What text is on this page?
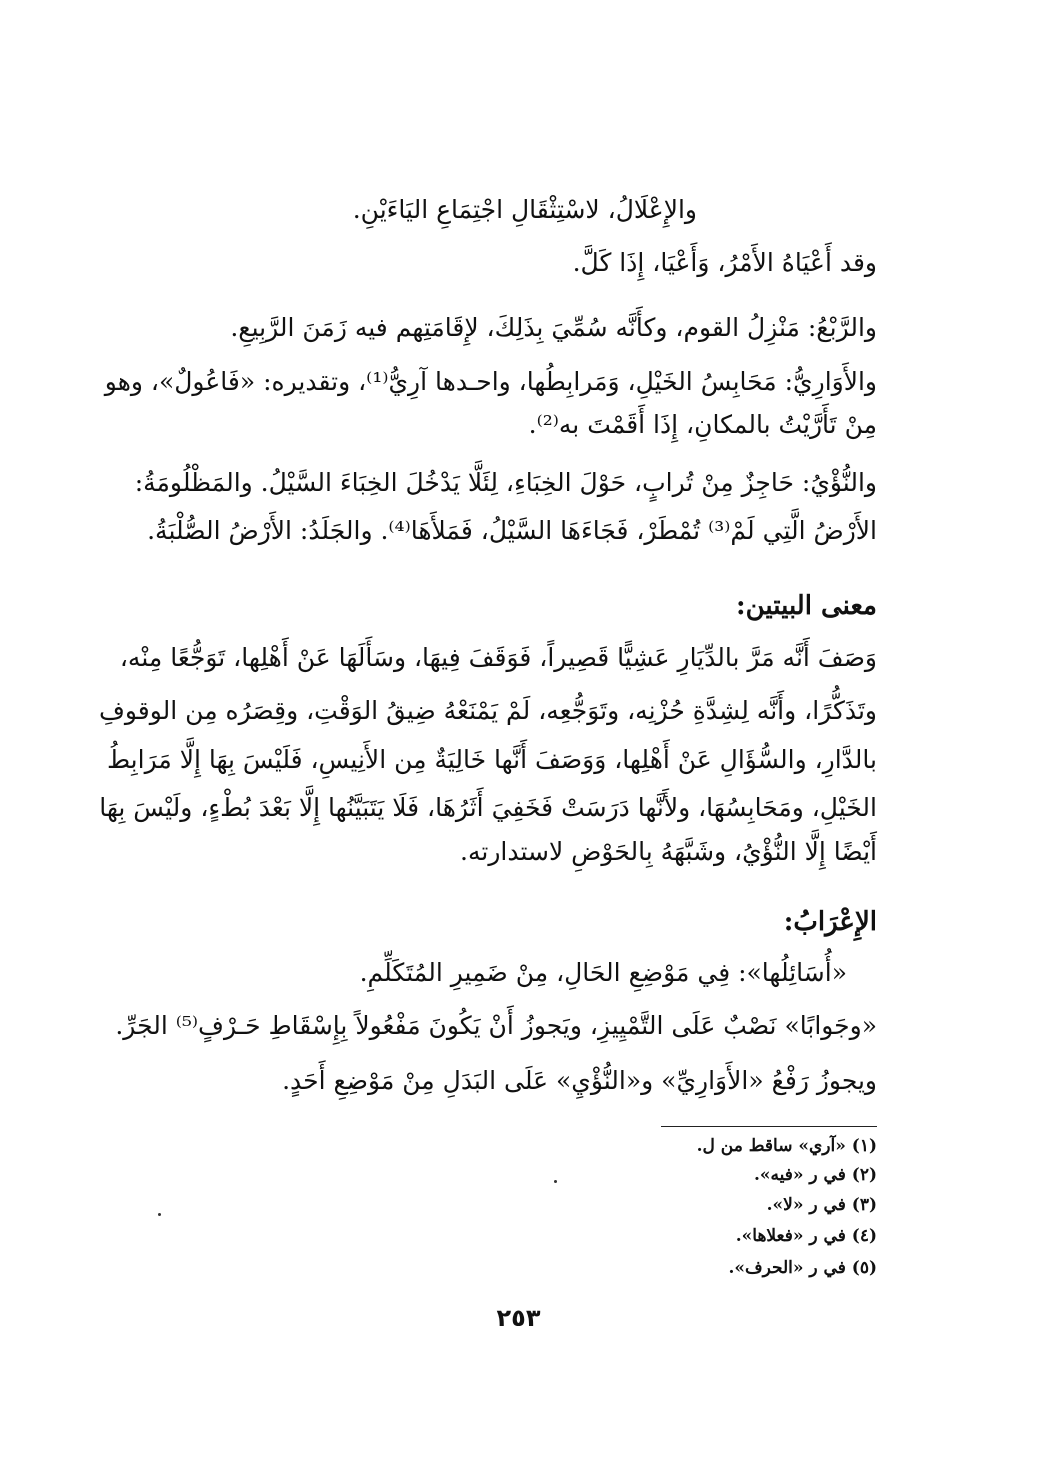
والإِعْلَالُ، لاسْتِثْقَالِ اجْتِمَاعِ اليَاءَيْنِ.
وقد أَعْيَاهُ الأَمْرُ، وَأَعْيَا، إِذَا كَلَّ.
والرَّبْعُ: مَنْزِلُ القوم، وكأَنَّه سُمِّيَ بِذَلِكَ، لإِقَامَتِهم فيه زَمَنَ الرَّبِيعِ.
والأَوَارِيُّ: مَحَابِسُ الخَيْلِ، وَمَرابِطُها، واحـدها آرِيُّ⁽¹⁾، وتقديره: «فَاعُولٌ»، وهو
مِنْ تَأَرَّيْتُ بالمكانِ، إِذَا أَقَمْتَ به⁽²⁾.
والنُّؤْيُ: حَاجِزٌ مِنْ تُرابٍ، حَوْلَ الخِبَاءِ، لِئَلَّا يَدْخُلَ الخِبَاءَ السَّيْلُ. والمَظْلُومَةُ:
الأَرْضُ الَّتِي لَمْ⁽³⁾ تُمْطَرْ، فَجَاءَهَا السَّيْلُ، فَمَلأَهَا⁽⁴⁾. والجَلَدُ: الأَرْضُ الصُّلْبَةُ.
معنى البيتين:
وَصَفَ أَنَّه مَرَّ بالدِّيَارِ عَشِيًّا قَصِيراً، فَوَقَفَ فِيهَا، وسَأَلَهَا عَنْ أَهْلِها، تَوَجُّعًا مِنْه،
وتَذَكُّرًا، وأَنَّه لِشِدَّةِ حُزْنِه، وتَوَجُّعِه، لَمْ يَمْنَعْهُ ضِيقُ الوَقْتِ، وقِصَرُه مِن الوقوفِ
بالدَّارِ، والسُّؤَالِ عَنْ أَهْلِها، وَوَصَفَ أَنَّها خَالِيَةٌ مِن الأَنِيسِ، فَلَيْسَ بِهَا إِلَّا مَرَابِطُ
الخَيْلِ، ومَحَابِسُهَا، ولأَنَّها دَرَسَتْ فَخَفِيَ أَثَرُهَا، فَلَا يَتَبَيَّنُها إِلَّا بَعْدَ بُطْءٍ، ولَيْسَ بِهَا
أَيْضًا إِلَّا النُّؤْيُ، وشَبَّهَهُ بِالحَوْضِ لاستدارته.
الإِعْرَابُ:
«أُسَائِلُها»: فِي مَوْضِعِ الحَالِ، مِنْ ضَمِيرِ المُتَكَلِّمِ.
«وجَوابًا» نَصْبٌ عَلَى التَّمْيِيزِ، ويَجوزُ أَنْ يَكُونَ مَفْعُولاً بِإِسْقَاطِ حَـرْفٍ⁽⁵⁾ الجَرِّ.
ويجوزُ رَفْعُ «الأَوَارِيِّ» و«النُّؤْيِ» عَلَى البَدَلِ مِنْ مَوْضِعِ أَحَدٍ.
(١) «آري» ساقط من ل.
(٢) في ر «فيه».
(٣) في ر «لا».
(٤) في ر «فعلاها».
(٥) في ر «الحرف».
٢٥٣
